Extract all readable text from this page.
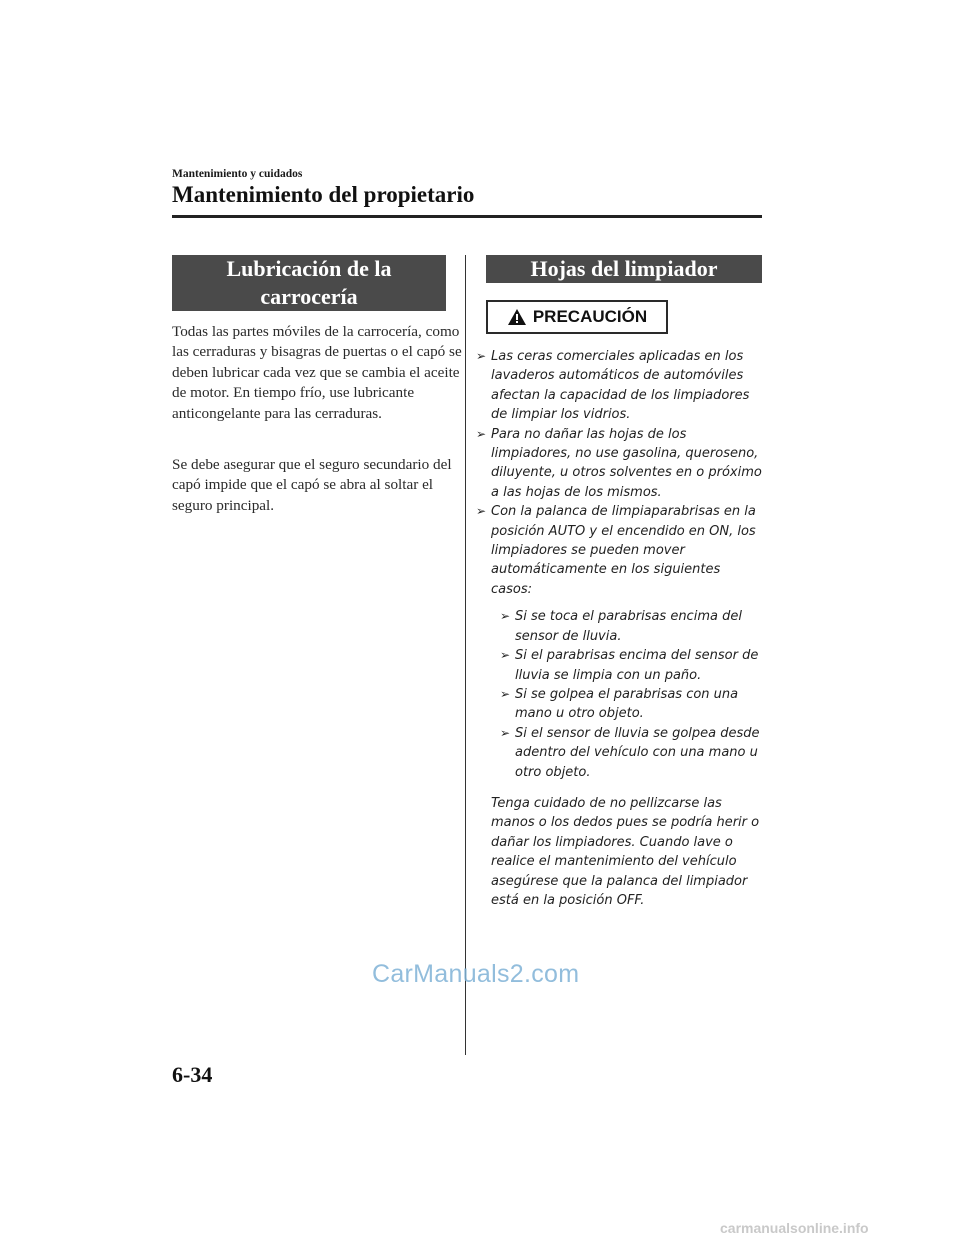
Mantenimiento y cuidados
Mantenimiento del propietario
Lubricación de la
carrocería
Todas las partes móviles de la carrocería, como las cerraduras y bisagras de puertas o el capó se deben lubricar cada vez que se cambia el aceite de motor. En tiempo frío, use lubricante anticongelante para las cerraduras.
Se debe asegurar que el seguro secundario del capó impide que el capó se abra al soltar el seguro principal.
Hojas del limpiador
PRECAUCIÓN
➢ Las ceras comerciales aplicadas en los lavaderos automáticos de automóviles afectan la capacidad de los limpiadores de limpiar los vidrios.
➢ Para no dañar las hojas de los limpiadores, no use gasolina, queroseno, diluyente, u otros solventes en o próximo a las hojas de los mismos.
➢ Con la palanca de limpiaparabrisas en la posición AUTO y el encendido en ON, los limpiadores se pueden mover automáticamente en los siguientes casos:
➢ Si se toca el parabrisas encima del sensor de lluvia.
➢ Si el parabrisas encima del sensor de lluvia se limpia con un paño.
➢ Si se golpea el parabrisas con una mano u otro objeto.
➢ Si el sensor de lluvia se golpea desde adentro del vehículo con una mano u otro objeto.
Tenga cuidado de no pellizcarse las manos o los dedos pues se podría herir o dañar los limpiadores. Cuando lave o realice el mantenimiento del vehículo asegúrese que la palanca del limpiador está en la posición OFF.
6-34
CarManuals2.com
carmanualsonline.info
